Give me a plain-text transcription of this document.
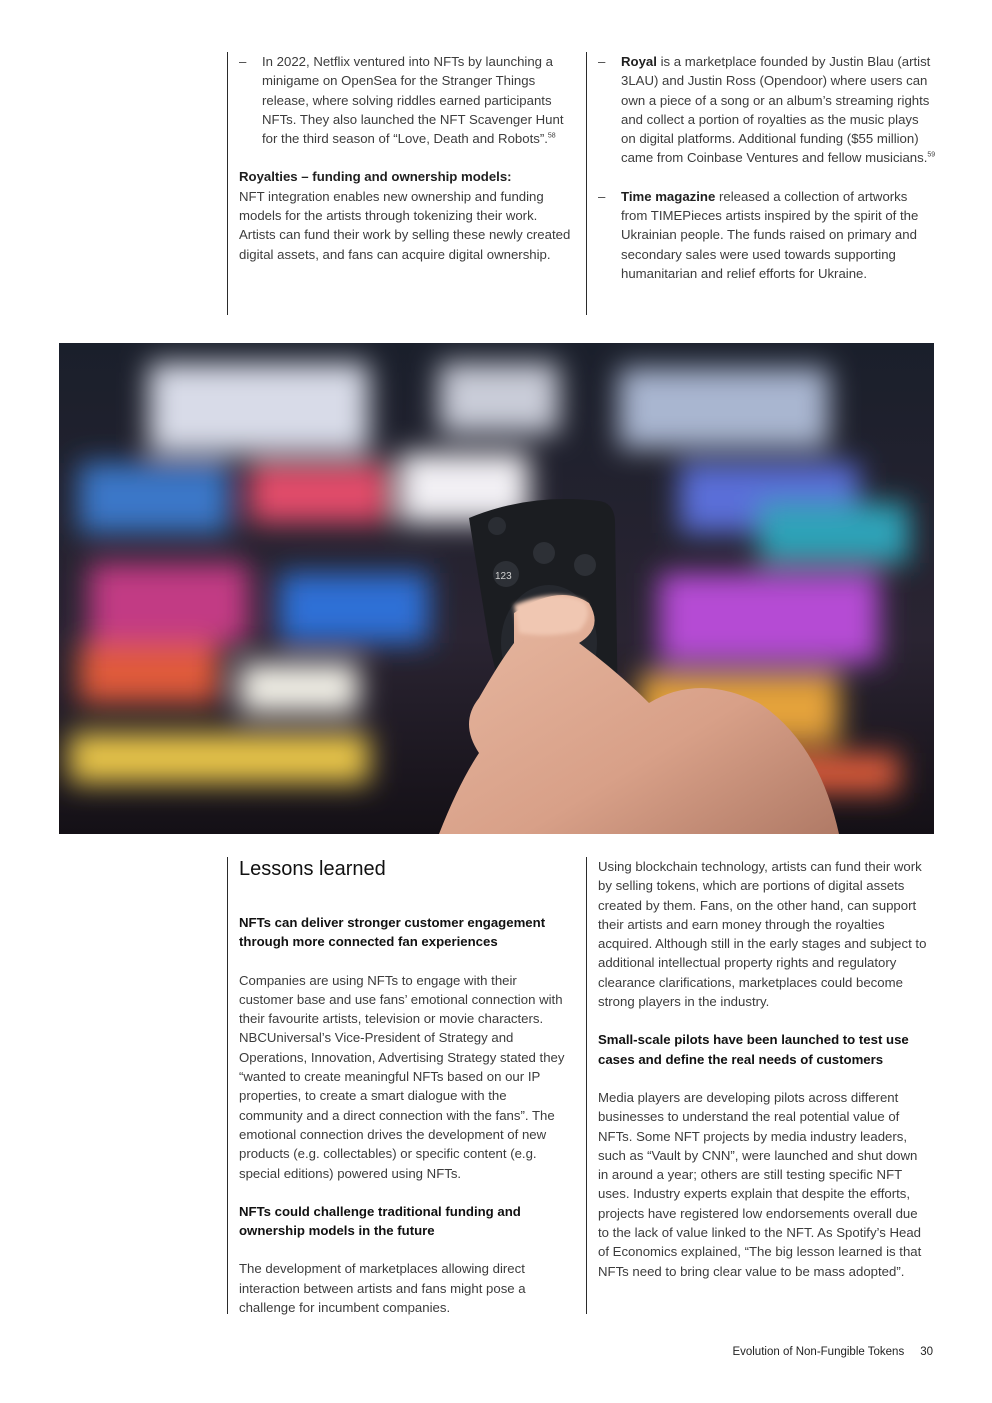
– In 2022, Netflix ventured into NFTs by launching a minigame on OpenSea for the Stranger Things release, where solving riddles earned participants NFTs. They also launched the NFT Scavenger Hunt for the third season of “Love, Death and Robots”.$^{58}$

Royalties – funding and ownership models:
NFT integration enables new ownership and funding models for the artists through tokenizing their work. Artists can fund their work by selling these newly created digital assets, and fans can acquire digital ownership.

– Royal is a marketplace founded by Justin Blau (artist 3LAU) and Justin Ross (Opendoor) where users can own a piece of a song or an album’s streaming rights and collect a portion of royalties as the music plays on digital platforms. Additional funding ($55 million) came from Coinbase Ventures and fellow musicians.$^{59}$

– Time magazine released a collection of artworks from TIMEPieces artists inspired by the spirit of the Ukrainian people. The funds raised on primary and secondary sales were used towards supporting humanitarian and relief efforts for Ukraine.

123
Lessons learned

NFTs can deliver stronger customer engagement through more connected fan experiences

Companies are using NFTs to engage with their customer base and use fans’ emotional connection with their favourite artists, television or movie characters. NBCUniversal’s Vice-President of Strategy and Operations, Innovation, Advertising Strategy stated they “wanted to create meaningful NFTs based on our IP properties, to create a smart dialogue with the community and a direct connection with the fans”. The emotional connection drives the development of new products (e.g. collectables) or specific content (e.g. special editions) powered using NFTs.

NFTs could challenge traditional funding and ownership models in the future

The development of marketplaces allowing direct interaction between artists and fans might pose a challenge for incumbent companies.

Using blockchain technology, artists can fund their work by selling tokens, which are portions of digital assets created by them. Fans, on the other hand, can support their artists and earn money through the royalties acquired. Although still in the early stages and subject to additional intellectual property rights and regulatory clearance clarifications, marketplaces could become strong players in the industry.

Small-scale pilots have been launched to test use cases and define the real needs of customers

Media players are developing pilots across different businesses to understand the real potential value of NFTs. Some NFT projects by media industry leaders, such as “Vault by CNN”, were launched and shut down in around a year; others are still testing specific NFT uses. Industry experts explain that despite the efforts, projects have registered low endorsements overall due to the lack of value linked to the NFT. As Spotify’s Head of Economics explained, “The big lesson learned is that NFTs need to bring clear value to be mass adopted”.

Evolution of Non-Fungible Tokens 30
